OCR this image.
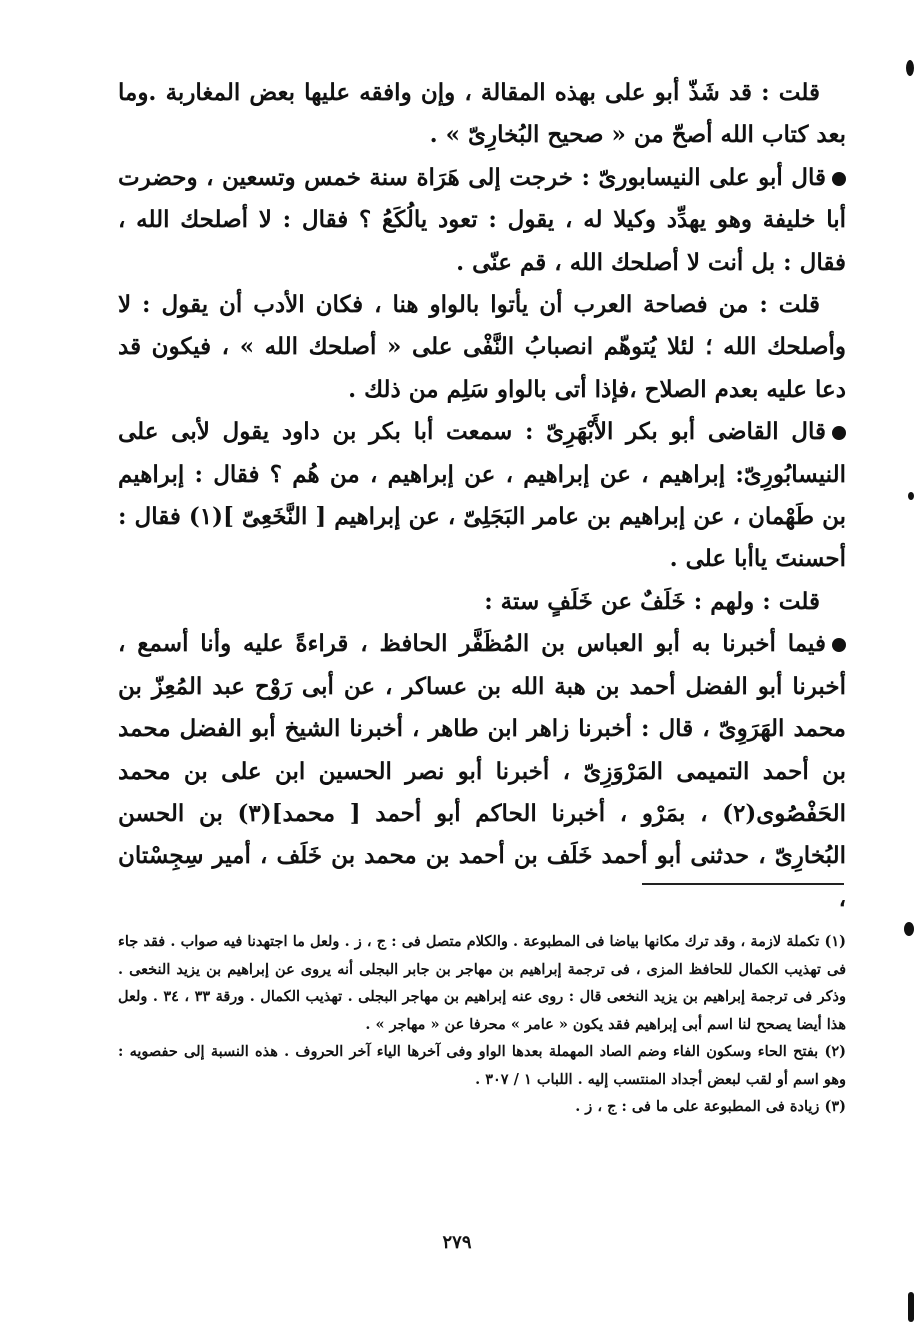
قلت : قد شَذّ أبو على بهذه المقالة ، وإن وافقه عليها بعض المغاربة .وما بعد كتاب الله أصحّ من « صحيح البُخارِىّ » .

قال أبو على النيسابورىّ : خرجت إلى هَرَاة سنة خمس وتسعين ، وحضرت أبا خليفة وهو يهدِّد وكيلا له ، يقول : تعود يالُكَعُ ؟ فقال : لا أصلحك الله ، فقال : بل أنت لا أصلحك الله ، قم عنّى .

قلت : من فصاحة العرب أن يأتوا بالواو هنا ، فكان الأدب أن يقول : لا وأصلحك الله ؛ لئلا يُتوهّم انصبابُ النَّفْى على « أصلحك الله » ، فيكون قد دعا عليه بعدم الصلاح ،فإذا أتى بالواو سَلِم من ذلك .

قال القاضى أبو بكر الأَبْهَرِىّ : سمعت أبا بكر بن داود يقول لأبى على النيسابُورِىّ: إبراهيم ، عن إبراهيم ، عن إبراهيم ، من هُم ؟ فقال : إبراهيم بن طَهْمان ، عن إبراهيم بن عامر البَجَلِىّ ، عن إبراهيم [ النَّخَعِىّ ](١) فقال : أحسنتَ ياأبا على .

قلت : ولهم : خَلَفٌ عن خَلَفٍ ستة :

فيما أخبرنا به أبو العباس بن المُظَفَّر الحافظ ، قراءةً عليه وأنا أسمع ، أخبرنا أبو الفضل أحمد بن هبة الله بن عساكر ، عن أبى رَوْح عبد المُعِزّ بن محمد الهَرَوِىّ ، قال : أخبرنا زاهر ابن طاهر ، أخبرنا الشيخ أبو الفضل محمد بن أحمد التميمى المَرْوَزِىّ ، أخبرنا أبو نصر الحسين ابن على بن محمد الحَفْصُوى(٢) ، بمَرْو ، أخبرنا الحاكم أبو أحمد [ محمد](٣) بن الحسن البُخارِىّ ، حدثنى أبو أحمد خَلَف بن أحمد بن محمد بن خَلَف ، أمير سِجِسْتان ،

(١) تكملة لازمة ، وقد ترك مكانها بياضا فى المطبوعة . والكلام متصل فى : ج ، ز . ولعل ما اجتهدنا فيه صواب . فقد جاء فى تهذيب الكمال للحافظ المزى ، فى ترجمة إبراهيم بن مهاجر بن جابر البجلى أنه يروى عن إبراهيم بن يزيد النخعى . وذكر فى ترجمة إبراهيم بن يزيد النخعى قال : روى عنه إبراهيم بن مهاجر البجلى . تهذيب الكمال . ورقة ٣٣ ، ٣٤ . ولعل هذا أيضا يصحح لنا اسم أبى إبراهيم فقد يكون « عامر » محرفا عن « مهاجر » .

(٢) بفتح الحاء وسكون الفاء وضم الصاد المهملة بعدها الواو وفى آخرها الياء آخر الحروف . هذه النسبة إلى حفصويه : وهو اسم أو لقب لبعض أجداد المنتسب إليه . اللباب ١ / ٣٠٧ .

(٣) زيادة فى المطبوعة على ما فى : ج ، ز .

٢٧٩
